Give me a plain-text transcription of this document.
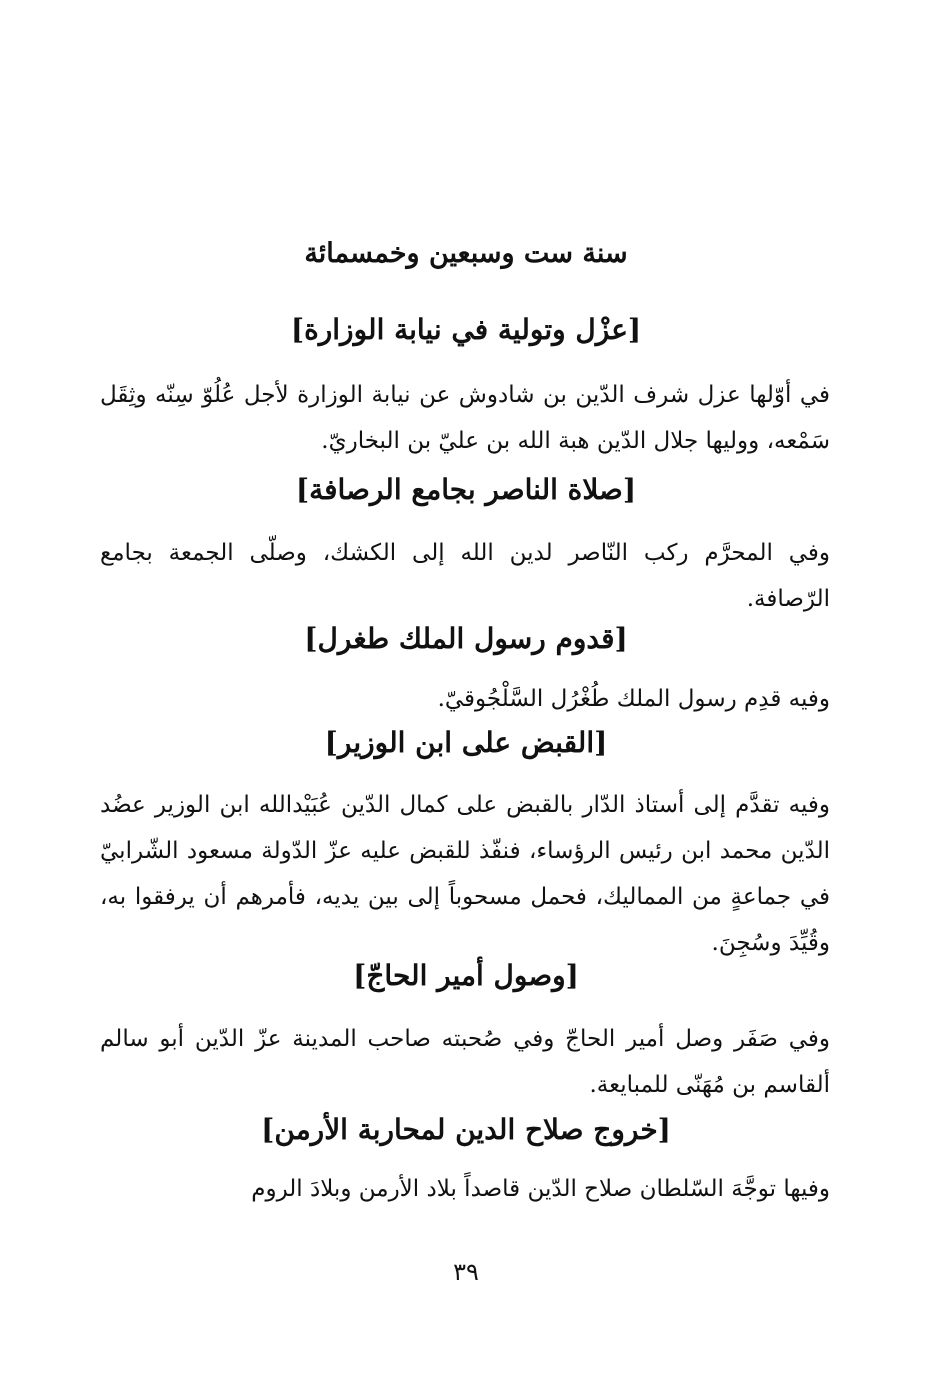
سنة ست وسبعين وخمسمائة
[عزْل وتولية في نيابة الوزارة]
في أوّلها عزل شرف الدّين بن شادوش عن نيابة الوزارة لأجل عُلُوّ سِنّه وثِقَل سَمْعه، ووليها جلال الدّين هبة الله بن عليّ بن البخاريّ.
[صلاة الناصر بجامع الرصافة]
وفي المحرَّم ركب النّاصر لدين الله إلى الكشك، وصلّى الجمعة بجامع الرّصافة.
[قدوم رسول الملك طغرل]
وفيه قدِم رسول الملك طُغْرُل السَّلْجُوقيّ.
[القبض على ابن الوزير]
وفيه تقدَّم إلى أستاذ الدّار بالقبض على كمال الدّين عُبَيْدالله ابن الوزير عضُد الدّين محمد ابن رئيس الرؤساء، فنفّذ للقبض عليه عزّ الدّولة مسعود الشّرابيّ في جماعةٍ من المماليك، فحمل مسحوباً إلى بين يديه، فأمرهم أن يرفقوا به، وقُيِّدَ وسُجِنَ.
[وصول أمير الحاجّ]
وفي صَفَر وصل أمير الحاجّ وفي صُحبته صاحب المدينة عزّ الدّين أبو سالم ألقاسم بن مُهَنّى للمبايعة.
[خروج صلاح الدين لمحاربة الأرمن]
وفيها توجَّهَ السّلطان صلاح الدّين قاصداً بلاد الأرمن وبلادَ الروم
٣٩
